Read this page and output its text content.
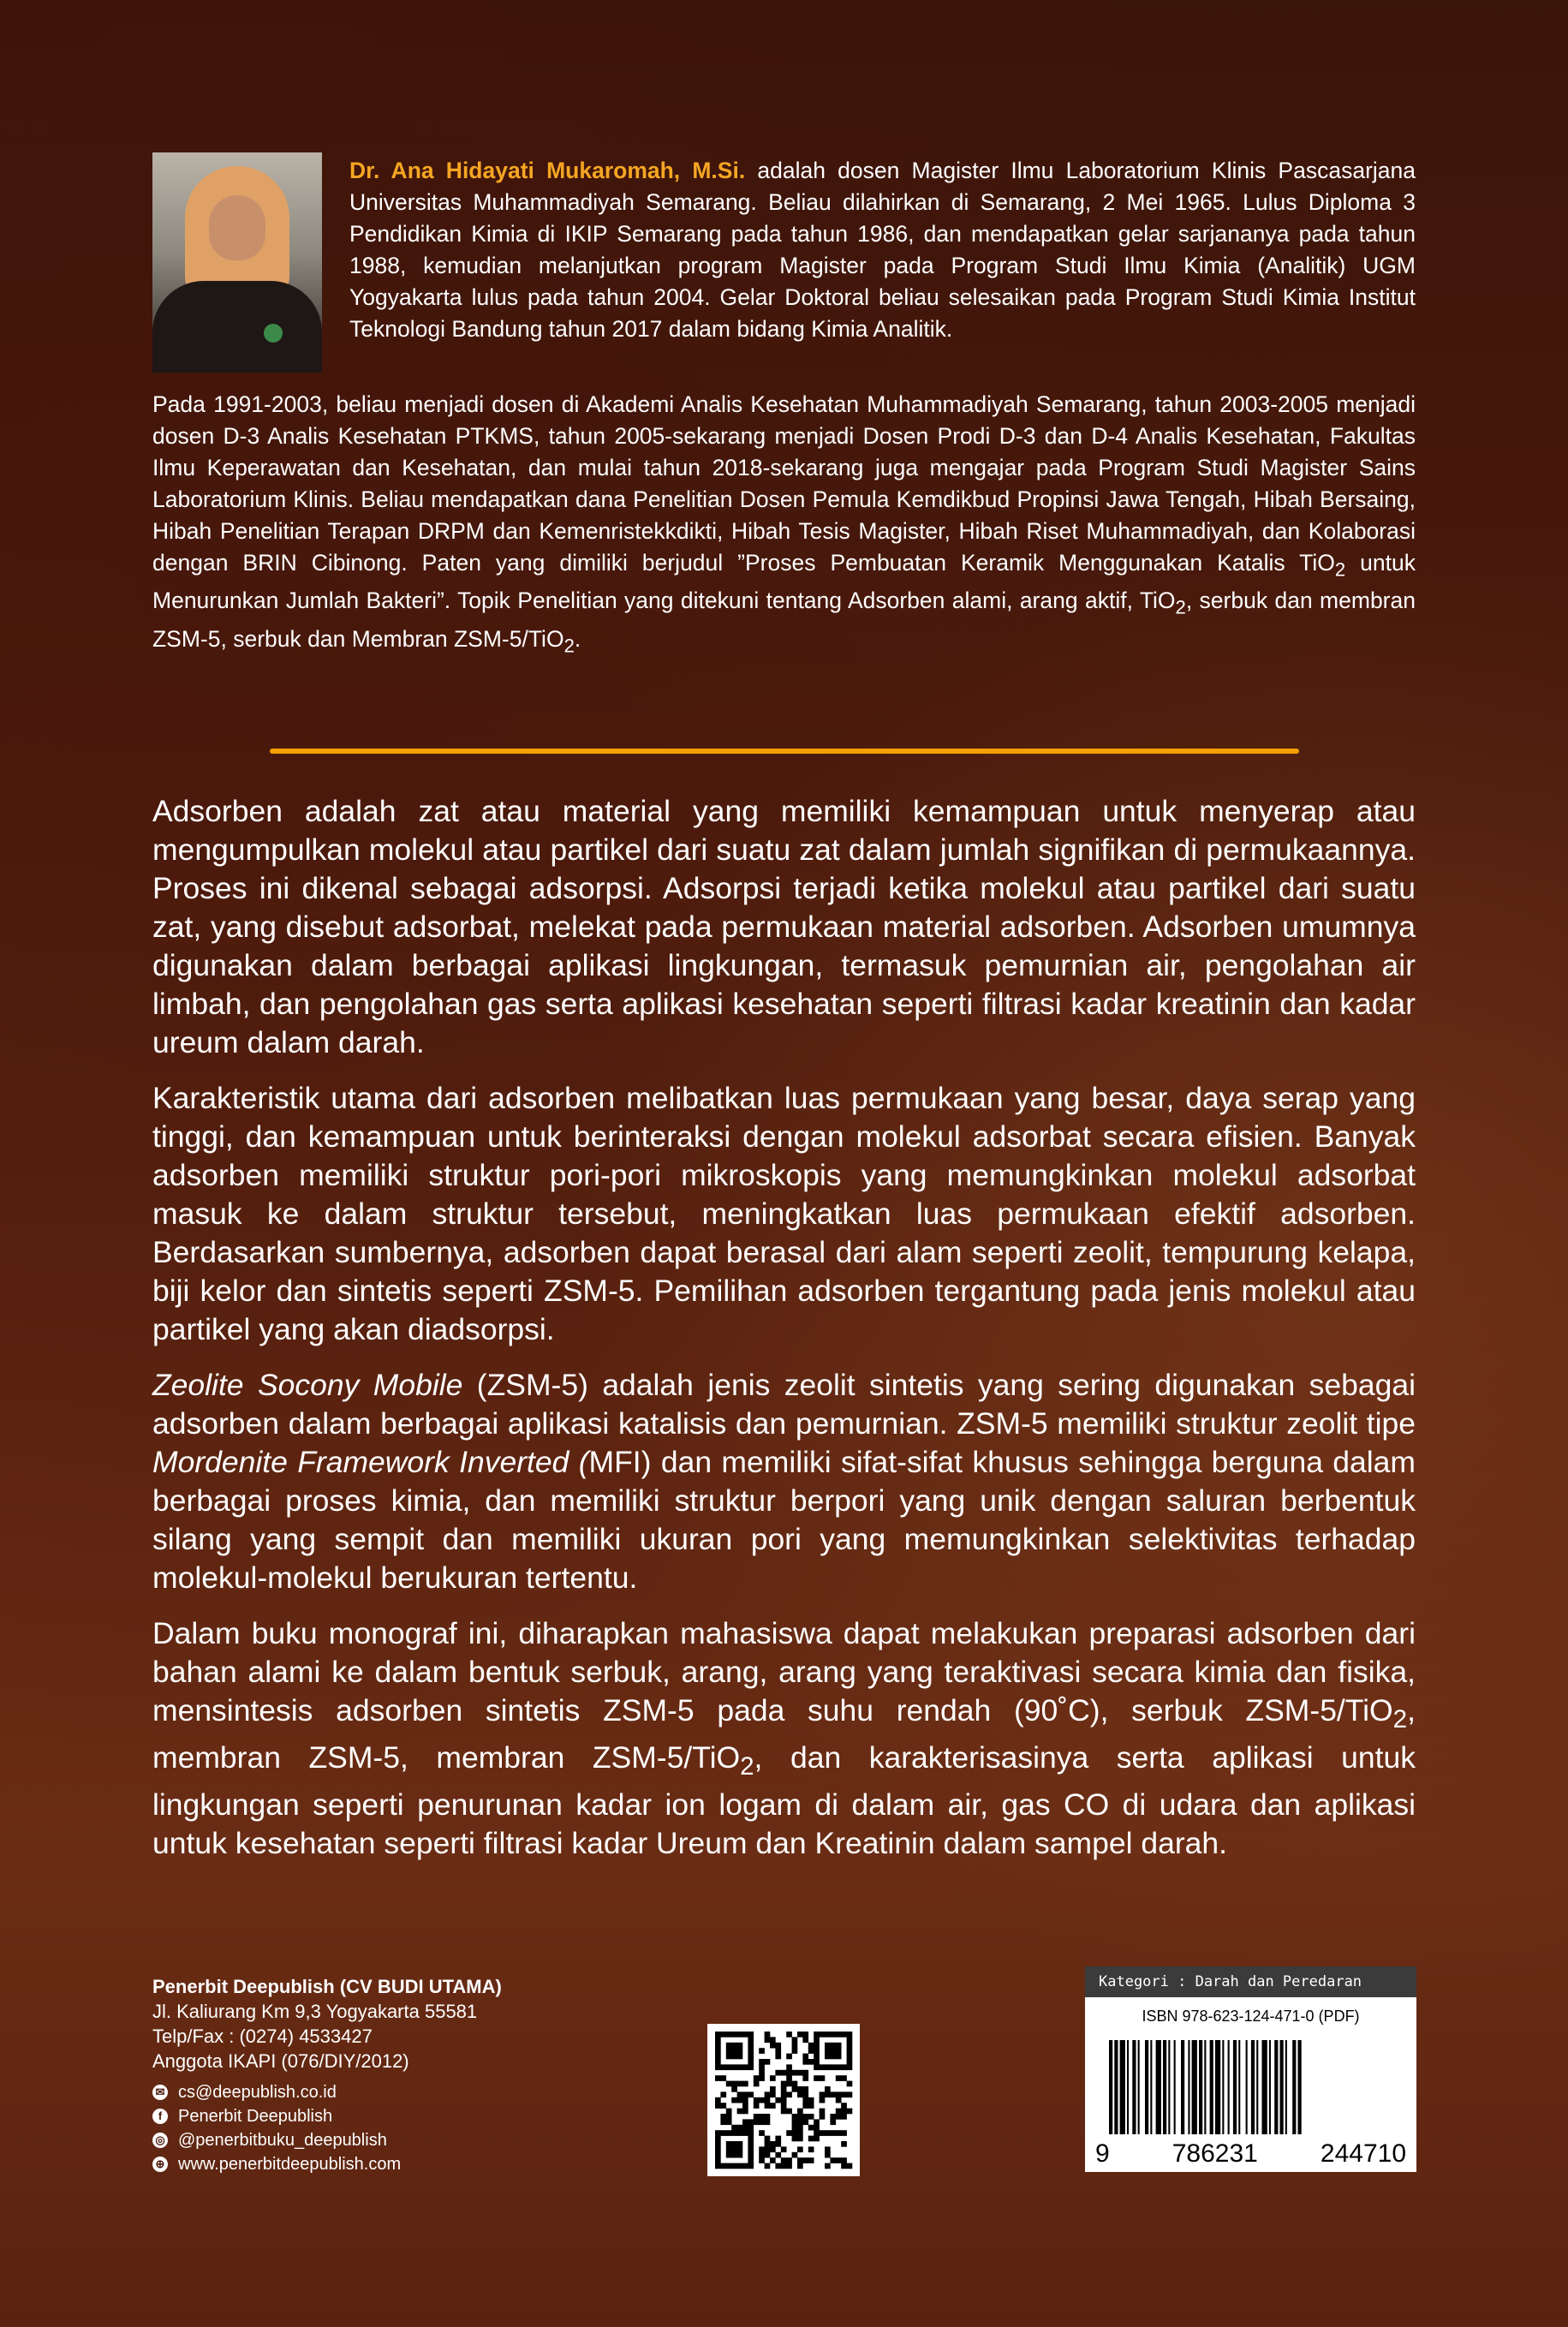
Dr. Ana Hidayati Mukaromah, M.Si. adalah dosen Magister Ilmu Laboratorium Klinis Pascasarjana Universitas Muhammadiyah Semarang. Beliau dilahirkan di Semarang, 2 Mei 1965. Lulus Diploma 3 Pendidikan Kimia di IKIP Semarang pada tahun 1986, dan mendapatkan gelar sarjananya pada tahun 1988, kemudian melanjutkan program Magister pada Program Studi Ilmu Kimia (Analitik) UGM Yogyakarta lulus pada tahun 2004. Gelar Doktoral beliau selesaikan pada Program Studi Kimia Institut Teknologi Bandung tahun 2017 dalam bidang Kimia Analitik.

Pada 1991-2003, beliau menjadi dosen di Akademi Analis Kesehatan Muhammadiyah Semarang, tahun 2003-2005 menjadi dosen D-3 Analis Kesehatan PTKMS, tahun 2005-sekarang menjadi Dosen Prodi D-3 dan D-4 Analis Kesehatan, Fakultas Ilmu Keperawatan dan Kesehatan, dan mulai tahun 2018-sekarang juga mengajar pada Program Studi Magister Sains Laboratorium Klinis. Beliau mendapatkan dana Penelitian Dosen Pemula Kemdikbud Propinsi Jawa Tengah, Hibah Bersaing, Hibah Penelitian Terapan DRPM dan Kemenristekkdikti, Hibah Tesis Magister, Hibah Riset Muhammadiyah, dan Kolaborasi dengan BRIN Cibinong. Paten yang dimiliki berjudul ”Proses Pembuatan Keramik Menggunakan Katalis TiO$_2$ untuk Menurunkan Jumlah Bakteri”. Topik Penelitian yang ditekuni tentang Adsorben alami, arang aktif, TiO$_2$, serbuk dan membran ZSM-5, serbuk dan Membran ZSM-5/TiO$_2$.

Adsorben adalah zat atau material yang memiliki kemampuan untuk menyerap atau mengumpulkan molekul atau partikel dari suatu zat dalam jumlah signifikan di permukaannya. Proses ini dikenal sebagai adsorpsi. Adsorpsi terjadi ketika molekul atau partikel dari suatu zat, yang disebut adsorbat, melekat pada permukaan material adsorben. Adsorben umumnya digunakan dalam berbagai aplikasi lingkungan, termasuk pemurnian air, pengolahan air limbah, dan pengolahan gas serta aplikasi kesehatan seperti filtrasi kadar kreatinin dan kadar ureum dalam darah.

Karakteristik utama dari adsorben melibatkan luas permukaan yang besar, daya serap yang tinggi, dan kemampuan untuk berinteraksi dengan molekul adsorbat secara efisien. Banyak adsorben memiliki struktur pori-pori mikroskopis yang memungkinkan molekul adsorbat masuk ke dalam struktur tersebut, meningkatkan luas permukaan efektif adsorben. Berdasarkan sumbernya, adsorben dapat berasal dari alam seperti zeolit, tempurung kelapa, biji kelor dan sintetis seperti ZSM-5. Pemilihan adsorben tergantung pada jenis molekul atau partikel yang akan diadsorpsi.

Zeolite Socony Mobile (ZSM-5) adalah jenis zeolit sintetis yang sering digunakan sebagai adsorben dalam berbagai aplikasi katalisis dan pemurnian. ZSM-5 memiliki struktur zeolit tipe Mordenite Framework Inverted (MFI) dan memiliki sifat-sifat khusus sehingga berguna dalam berbagai proses kimia, dan memiliki struktur berpori yang unik dengan saluran berbentuk silang yang sempit dan memiliki ukuran pori yang memungkinkan selektivitas terhadap molekul-molekul berukuran tertentu.

Dalam buku monograf ini, diharapkan mahasiswa dapat melakukan preparasi adsorben dari bahan alami ke dalam bentuk serbuk, arang, arang yang teraktivasi secara kimia dan fisika, mensintesis adsorben sintetis ZSM-5 pada suhu rendah (90˚C), serbuk ZSM-5/TiO$_2$, membran ZSM-5, membran ZSM-5/TiO$_2$, dan karakterisasinya serta aplikasi untuk lingkungan seperti penurunan kadar ion logam di dalam air, gas CO di udara dan aplikasi untuk kesehatan seperti filtrasi kadar Ureum dan Kreatinin dalam sampel darah.

Penerbit Deepublish (CV BUDI UTAMA)
Jl. Kaliurang Km 9,3 Yogyakarta 55581
Telp/Fax : (0274) 4533427
Anggota IKAPI (076/DIY/2012)
✉ cs@deepublish.co.id
f Penerbit Deepublish
◎ @penerbitbuku_deepublish
⊕ www.penerbitdeepublish.com
Kategori : Darah dan Peredaran
ISBN 978-623-124-471-0 (PDF)
9 786231 244710
